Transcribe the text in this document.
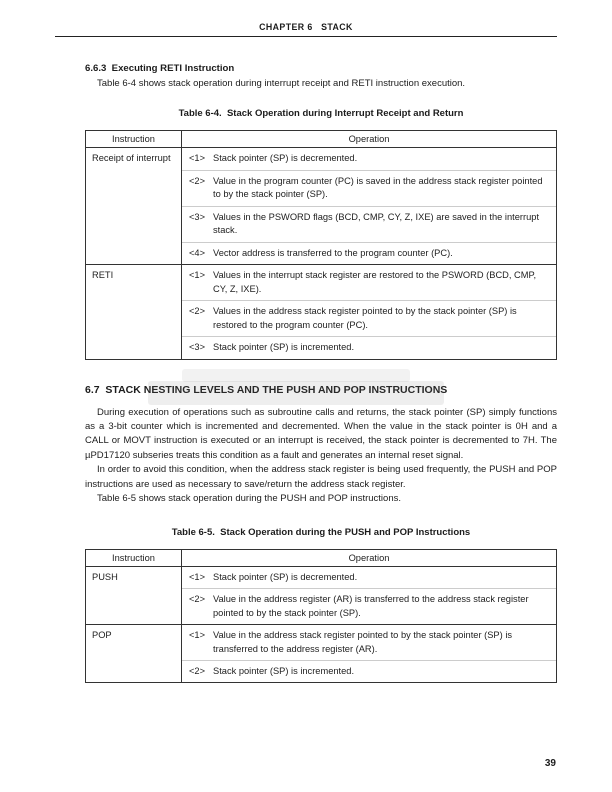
CHAPTER 6   STACK
6.6.3  Executing RETI Instruction

Table 6-4 shows stack operation during interrupt receipt and RETI instruction execution.

Table 6-4.  Stack Operation during Interrupt Receipt and Return
Instruction	Operation
Receipt of interrupt	<1> Stack pointer (SP) is decremented.
<2> Value in the program counter (PC) is saved in the address stack register pointed to by the stack pointer (SP).
<3> Values in the PSWORD flags (BCD, CMP, CY, Z, IXE) are saved in the interrupt stack.
<4> Vector address is transferred to the program counter (PC).

RETI	<1> Values in the interrupt stack register are restored to the PSWORD (BCD, CMP, CY, Z, IXE).
<2> Values in the address stack register pointed to by the stack pointer (SP) is restored to the program counter (PC).
<3> Stack pointer (SP) is incremented.
6.7  STACK NESTING LEVELS AND THE PUSH AND POP INSTRUCTIONS

During execution of operations such as subroutine calls and returns, the stack pointer (SP) simply functions as a 3-bit counter which is incremented and decremented. When the value in the stack pointer is 0H and a CALL or MOVT instruction is executed or an interrupt is received, the stack pointer is decremented to 7H. The µPD17120 subseries treats this condition as a fault and generates an internal reset signal.

In order to avoid this condition, when the address stack register is being used frequently, the PUSH and POP instructions are used as necessary to save/return the address stack register.

Table 6-5 shows stack operation during the PUSH and POP instructions.

Table 6-5.  Stack Operation during the PUSH and POP Instructions
Instruction	Operation
PUSH	<1> Stack pointer (SP) is decremented.
<2> Value in the address register (AR) is transferred to the address stack register pointed to by the stack pointer (SP).

POP	<1> Value in the address stack register pointed to by the stack pointer (SP) is transferred to the address register (AR).
<2> Stack pointer (SP) is incremented.
39
